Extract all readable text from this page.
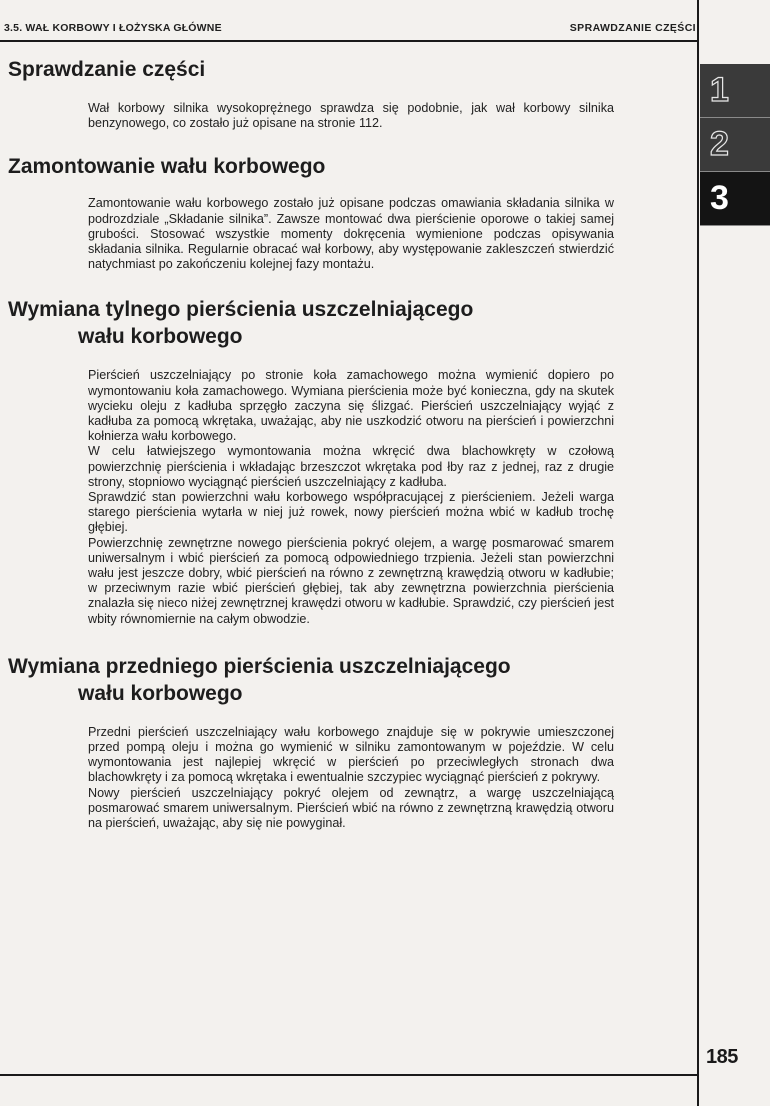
3.5. WAŁ KORBOWY I ŁOŻYSKA GŁÓWNE	SPRAWDZANIE CZĘŚCI
1
2
3
Sprawdzanie części

Wał korbowy silnika wysokoprężnego sprawdza się podobnie, jak wał korbowy silnika benzynowego, co zostało już opisane na stronie 112.

Zamontowanie wału korbowego

Zamontowanie wału korbowego zostało już opisane podczas omawiania składania silnika w podrozdziale „Składanie silnika”. Zawsze montować dwa pierścienie oporowe o takiej samej grubości. Stosować wszystkie momenty dokręcenia wymienione podczas opisywania składania silnika. Regularnie obracać wał korbowy, aby występowanie zakleszczeń stwierdzić natychmiast po zakończeniu kolejnej fazy montażu.

Wymiana tylnego pierścienia uszczelniającego
wału korbowego
Pierścień uszczelniający po stronie koła zamachowego można wymienić dopiero po wymontowaniu koła zamachowego. Wymiana pierścienia może być konieczna, gdy na skutek wycieku oleju z kadłuba sprzęgło zaczyna się ślizgać. Pierścień uszczelniający wyjąć z kadłuba za pomocą wkrętaka, uważając, aby nie uszkodzić otworu na pierścień i powierzchni kołnierza wału korbowego.
W celu łatwiejszego wymontowania można wkręcić dwa blachowkręty w czołową powierzchnię pierścienia i wkładając brzeszczot wkrętaka pod łby raz z jednej, raz z drugie strony, stopniowo wyciągnąć pierścień uszczelniający z kadłuba.
Sprawdzić stan powierzchni wału korbowego współpracującej z pierścieniem. Jeżeli warga starego pierścienia wytarła w niej już rowek, nowy pierścień można wbić w kadłub trochę głębiej.
Powierzchnię zewnętrzne nowego pierścienia pokryć olejem, a wargę posmarować smarem uniwersalnym i wbić pierścień za pomocą odpowiedniego trzpienia. Jeżeli stan powierzchni wału jest jeszcze dobry, wbić pierścień na równo z zewnętrzną krawędzią otworu w kadłubie; w przeciwnym razie wbić pierścień głębiej, tak aby zewnętrzna powierzchnia pierścienia znalazła się nieco niżej zewnętrznej krawędzi otworu w kadłubie. Sprawdzić, czy pierścień jest wbity równomiernie na całym obwodzie.
Wymiana przedniego pierścienia uszczelniającego
wału korbowego
Przedni pierścień uszczelniający wału korbowego znajduje się w pokrywie umieszczonej przed pompą oleju i można go wymienić w silniku zamontowanym w pojeździe. W celu wymontowania jest najlepiej wkręcić w pierścień po przeciwległych stronach dwa blachowkręty i za pomocą wkrętaka i ewentualnie szczypiec wyciągnąć pierścień z pokrywy.
Nowy pierścień uszczelniający pokryć olejem od zewnątrz, a wargę uszczelniającą posmarować smarem uniwersalnym. Pierścień wbić na równo z zewnętrzną krawędzią otworu na pierścień, uważając, aby się nie powyginał.
185
